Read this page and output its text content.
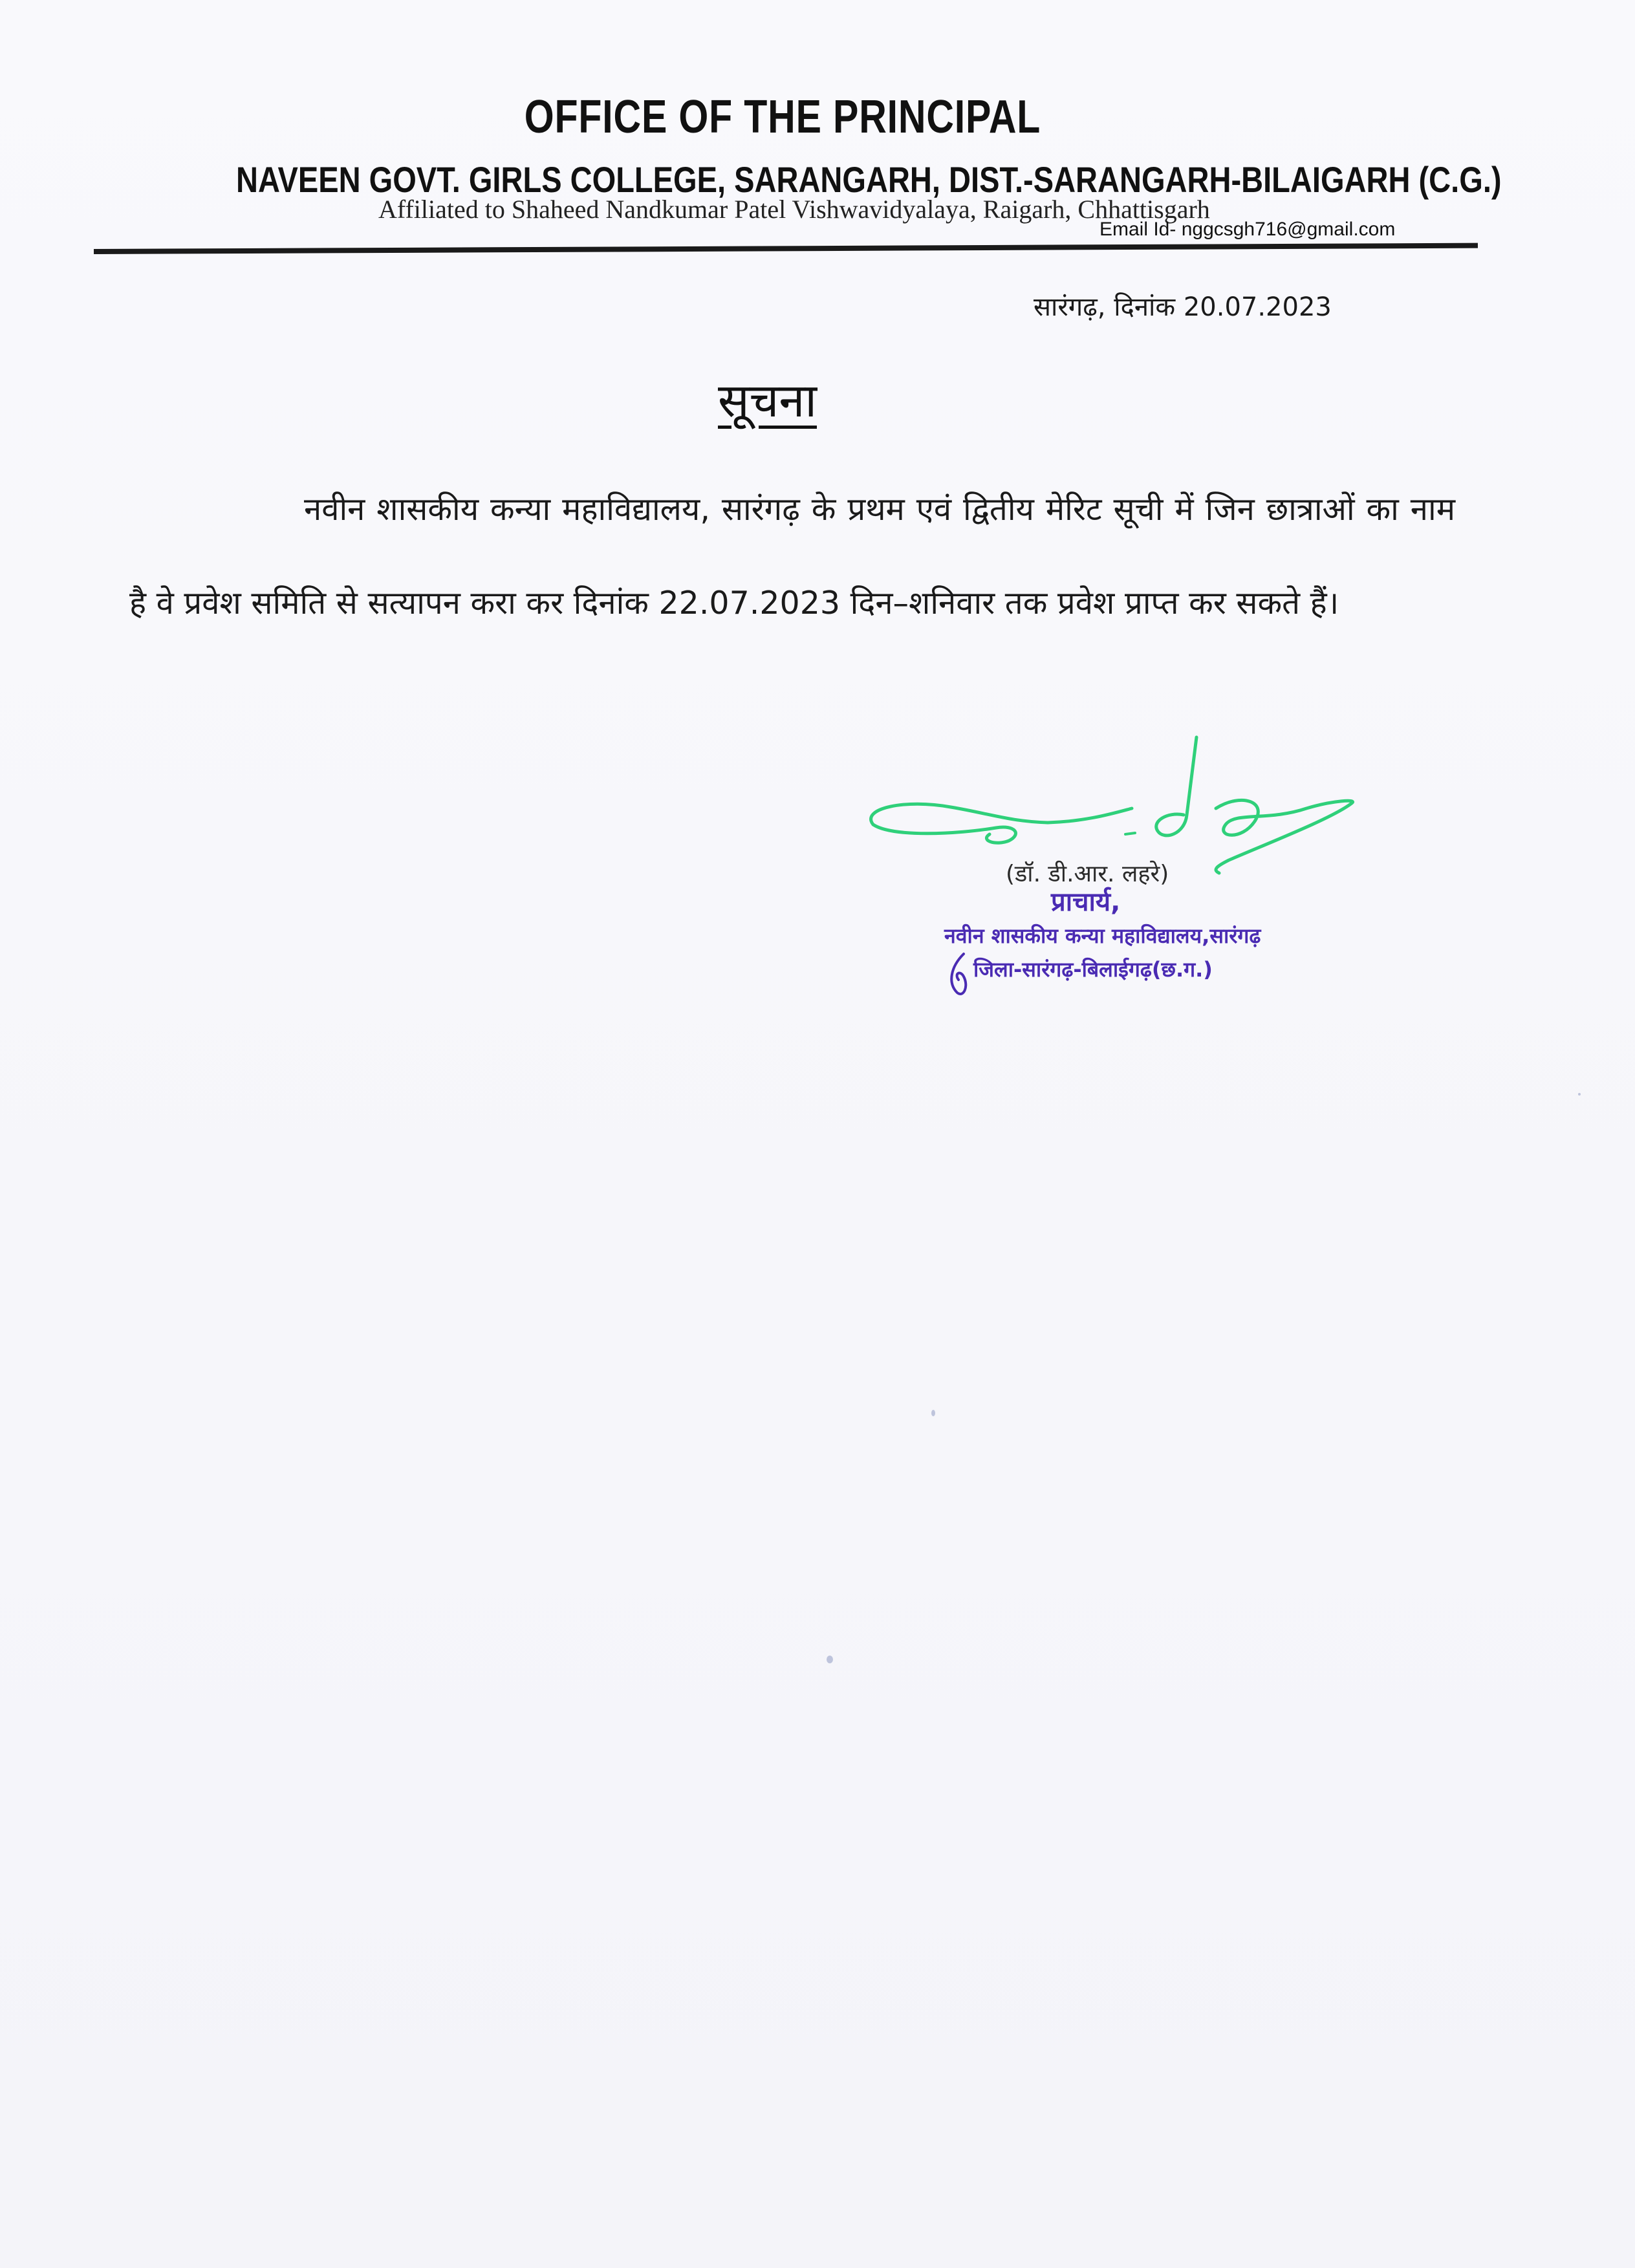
OFFICE OF THE PRINCIPAL
NAVEEN GOVT. GIRLS COLLEGE, SARANGARH, DIST.-SARANGARH-BILAIGARH (C.G.)
Affiliated to Shaheed Nandkumar Patel Vishwavidyalaya, Raigarh, Chhattisgarh
Email Id- nggcsgh716@gmail.com
सारंगढ़, दिनांक 20.07.2023
सूचना
नवीन शासकीय कन्या महाविद्यालय, सारंगढ़ के प्रथम एवं द्वितीय मेरिट सूची में जिन छात्राओं का नाम है वे प्रवेश समिति से सत्यापन करा कर दिनांक 22.07.2023 दिन–शनिवार तक प्रवेश प्राप्त कर सकते हैं।
(डॉ. डी.आर. लहरे)
प्राचार्य,
नवीन शासकीय कन्या महाविद्यालय,सारंगढ़
जिला-सारंगढ़-बिलाईगढ़(छ.ग.)
